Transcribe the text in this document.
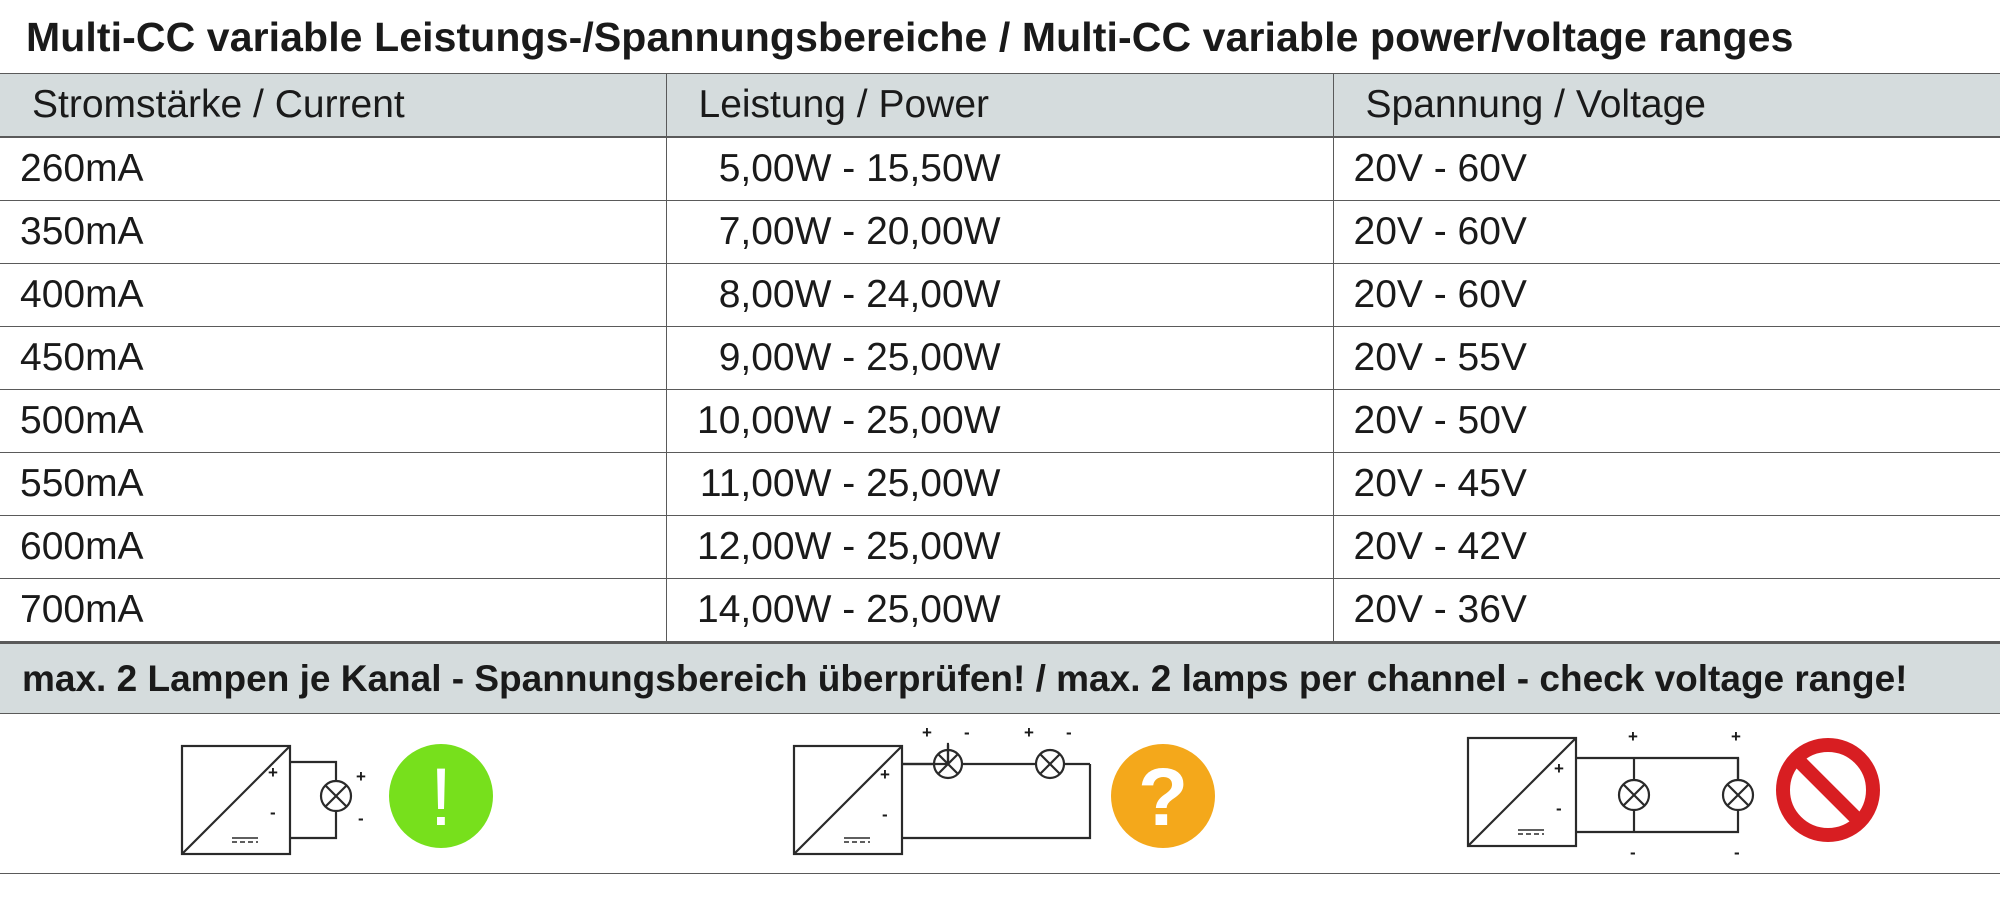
Multi-CC variable Leistungs-/Spannungsbereiche / Multi-CC variable power/voltage ranges
Stromstärke / Current	Leistung / Power	Spannung / Voltage
260mA	5,00W - 15,50W	20V - 60V
350mA	7,00W - 20,00W	20V - 60V
400mA	8,00W - 24,00W	20V - 60V
450mA	9,00W - 25,00W	20V - 55V
500mA	10,00W - 25,00W	20V - 50V
550mA	11,00W - 25,00W	20V - 45V
600mA	12,00W - 25,00W	20V - 42V
700mA	14,00W - 25,00W	20V - 36V
max. 2 Lampen je Kanal - Spannungsbereich überprüfen! / max. 2 lamps per channel - check voltage range!
+
-
+
- !	+
-
+ -	+ -
?	+
-
+	+
-	-
